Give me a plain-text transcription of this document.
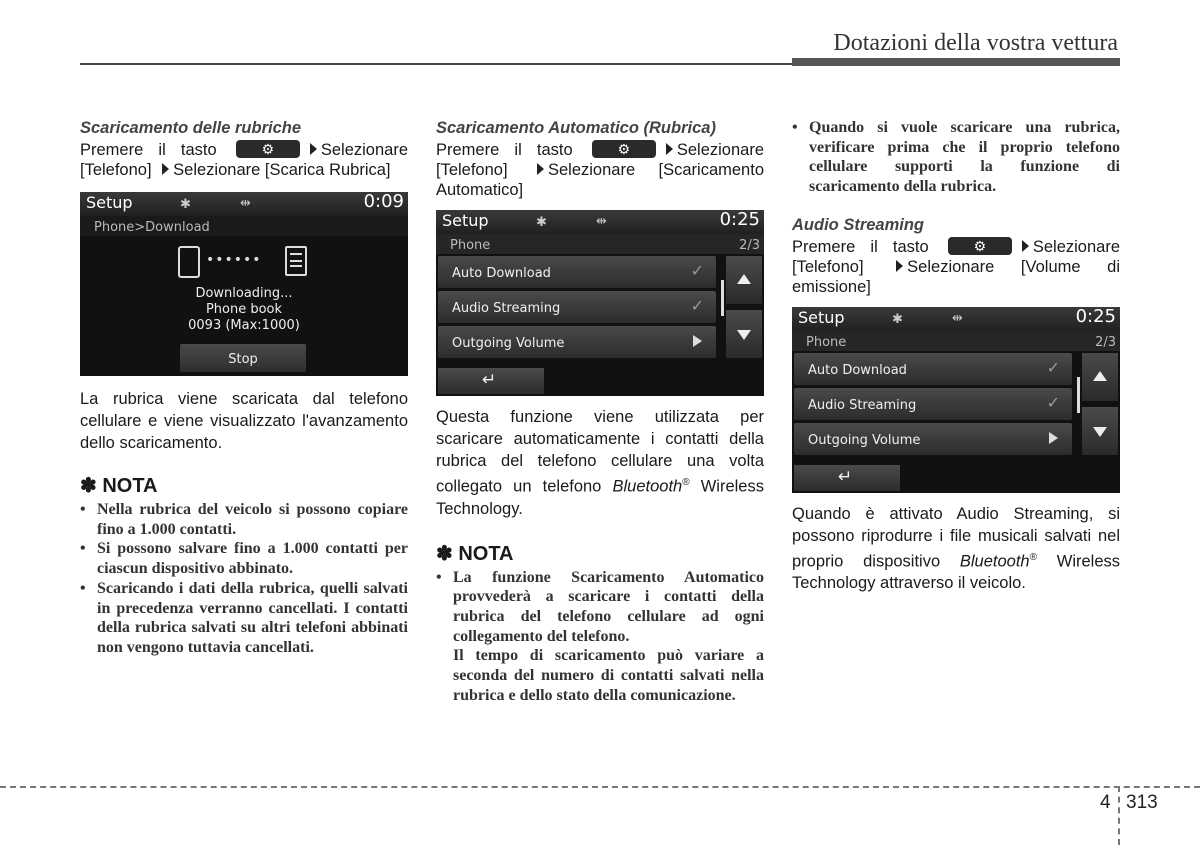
Dotazioni della vostra vettura
Scaricamento delle rubriche

Premere il tasto	⚙	Selezionare [Telefono] Selezionare [Scarica Rubrica]

Setup	✱	⇹	0:09
Phone>Download
••••••
Downloading...
Phone book
0093 (Max:1000)
Stop

La rubrica viene scaricata dal telefono cellulare e viene visualizzato l'avanzamento dello scaricamento.

✽ NOTA
• Nella rubrica del veicolo si possono copiare fino a 1.000 contatti.
• Si possono salvare fino a 1.000 contatti per ciascun dispositivo abbinato.
• Scaricando i dati della rubrica, quelli salvati in precedenza verranno cancellati. I contatti della rubrica salvati su altri telefoni abbinati non vengono tuttavia cancellati.
Scaricamento Automatico (Rubrica)

Premere il tasto	⚙	Selezionare [Telefono] Selezionare [Scaricamento Automatico]

Setup	✱	⇹	0:25
Phone	2/3
Auto Download	✓
Audio Streaming	✓
Outgoing Volume
↵

Questa funzione viene utilizzata per scaricare automaticamente i contatti della rubrica del telefono cellulare una volta collegato un telefono Bluetooth® Wireless Technology.

✽ NOTA
• La funzione Scaricamento Automatico provvederà a scaricare i contatti della rubrica del telefono cellulare ad ogni collegamento del telefono.
Il tempo di scaricamento può variare a seconda del numero di contatti salvati nella rubrica e dello stato della comunicazione.
• Quando si vuole scaricare una rubrica, verificare prima che il proprio telefono cellulare supporti la funzione di scaricamento della rubrica.
Audio Streaming

Premere il tasto	⚙	Selezionare [Telefono]	Selezionare [Volume di emissione]

Setup	✱	⇹	0:25
Phone	2/3
Auto Download	✓
Audio Streaming	✓
Outgoing Volume
↵

Quando è attivato Audio Streaming, si possono riprodurre i file musicali salvati nel proprio dispositivo Bluetooth® Wireless Technology attraverso il veicolo.

4 313
